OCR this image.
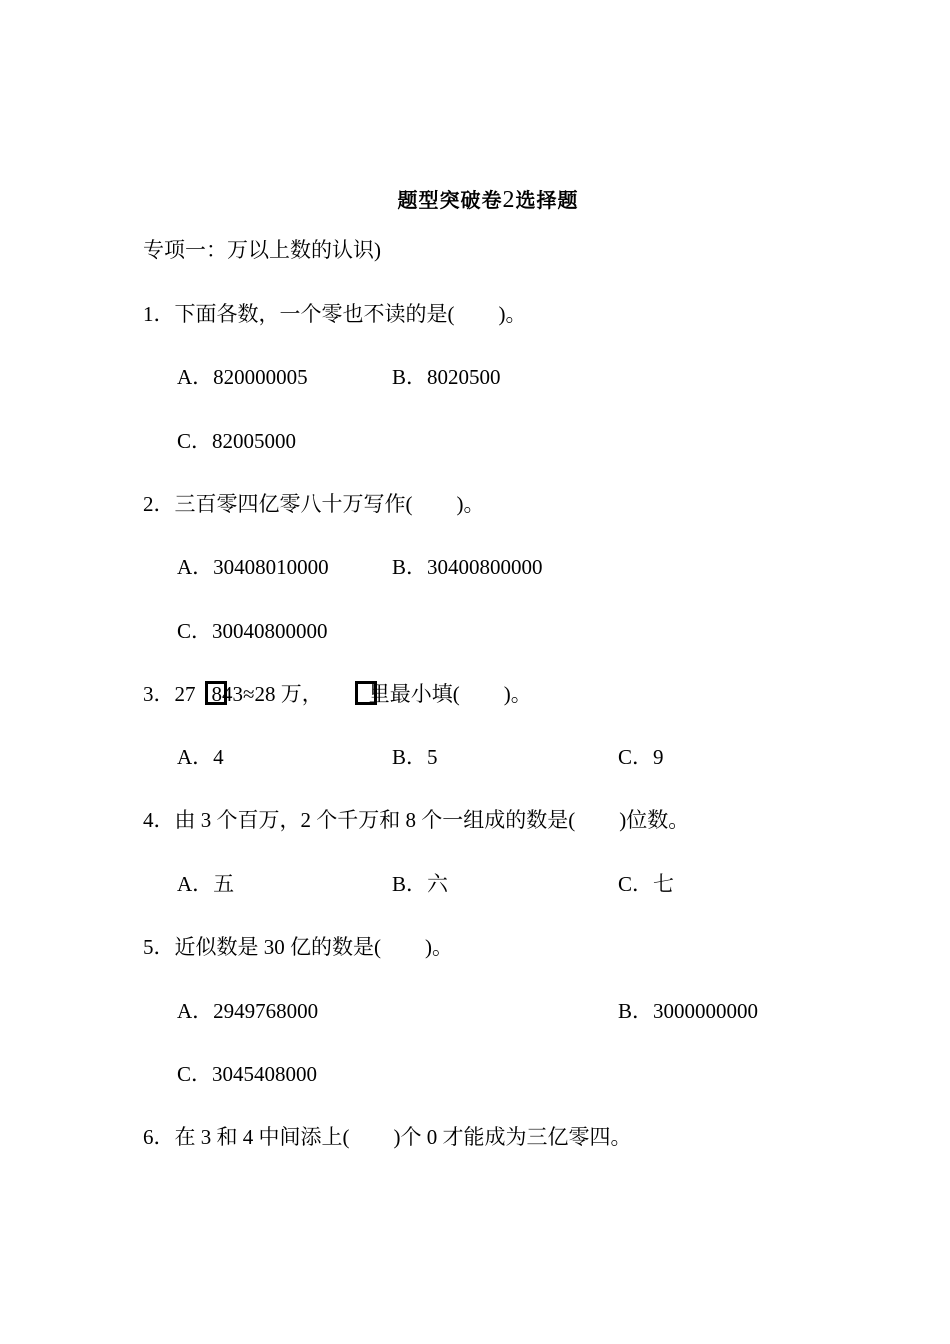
题型突破卷2选择题
专项一：万以上数的认识)
1．下面各数，一个零也不读的是( )。
A．820000005	B．8020500
C．82005000
2．三百零四亿零八十万写作( )。
A．30408010000	B．30400800000
C．30040800000
3．27 843≈28 万， 里最小填( )。
A．4	B．5	C．9
4．由 3 个百万，2 个千万和 8 个一组成的数是( )位数。
A．五	B．六	C．七
5．近似数是 30 亿的数是( )。
A．2949768000	B．3000000000
C．3045408000
6．在 3 和 4 中间添上( )个 0 才能成为三亿零四。
